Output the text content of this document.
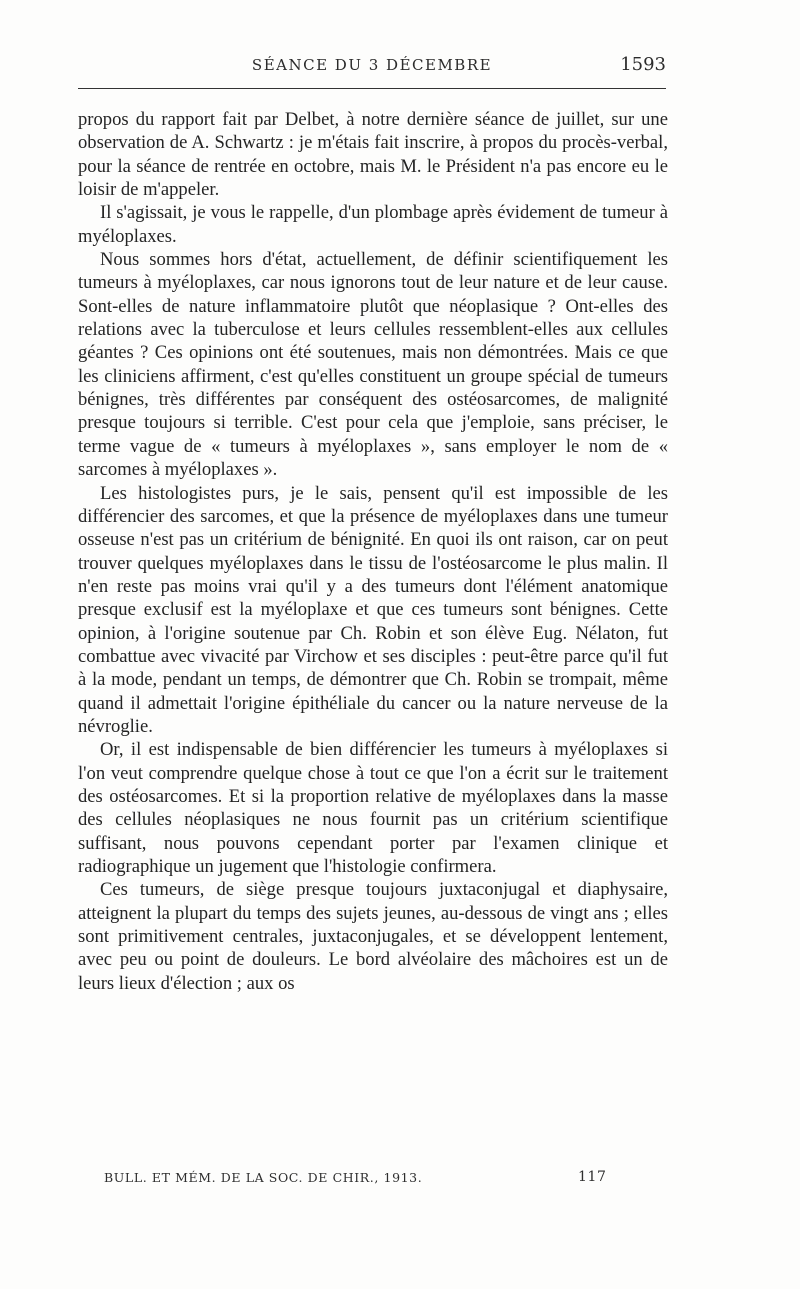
SÉANCE DU 3 DÉCEMBRE	1593

propos du rapport fait par Delbet, à notre dernière séance de juillet, sur une observation de A. Schwartz : je m'étais fait inscrire, à propos du procès-verbal, pour la séance de rentrée en octobre, mais M. le Président n'a pas encore eu le loisir de m'appeler.

Il s'agissait, je vous le rappelle, d'un plombage après évidement de tumeur à myéloplaxes.

Nous sommes hors d'état, actuellement, de définir scientifiquement les tumeurs à myéloplaxes, car nous ignorons tout de leur nature et de leur cause. Sont-elles de nature inflammatoire plutôt que néoplasique ? Ont-elles des relations avec la tuberculose et leurs cellules ressemblent-elles aux cellules géantes ? Ces opinions ont été soutenues, mais non démontrées. Mais ce que les cliniciens affirment, c'est qu'elles constituent un groupe spécial de tumeurs bénignes, très différentes par conséquent des ostéosarcomes, de malignité presque toujours si terrible. C'est pour cela que j'emploie, sans préciser, le terme vague de « tumeurs à myéloplaxes », sans employer le nom de « sarcomes à myéloplaxes ».

Les histologistes purs, je le sais, pensent qu'il est impossible de les différencier des sarcomes, et que la présence de myéloplaxes dans une tumeur osseuse n'est pas un critérium de bénignité. En quoi ils ont raison, car on peut trouver quelques myéloplaxes dans le tissu de l'ostéosarcome le plus malin. Il n'en reste pas moins vrai qu'il y a des tumeurs dont l'élément anatomique presque exclusif est la myéloplaxe et que ces tumeurs sont bénignes. Cette opinion, à l'origine soutenue par Ch. Robin et son élève Eug. Nélaton, fut combattue avec vivacité par Virchow et ses disciples : peut-être parce qu'il fut à la mode, pendant un temps, de démontrer que Ch. Robin se trompait, même quand il admettait l'origine épithéliale du cancer ou la nature nerveuse de la névroglie.

Or, il est indispensable de bien différencier les tumeurs à myéloplaxes si l'on veut comprendre quelque chose à tout ce que l'on a écrit sur le traitement des ostéosarcomes. Et si la proportion relative de myéloplaxes dans la masse des cellules néoplasiques ne nous fournit pas un critérium scientifique suffisant, nous pouvons cependant porter par l'examen clinique et radiographique un jugement que l'histologie confirmera.

Ces tumeurs, de siège presque toujours juxtaconjugal et diaphysaire, atteignent la plupart du temps des sujets jeunes, au-dessous de vingt ans ; elles sont primitivement centrales, juxtaconjugales, et se développent lentement, avec peu ou point de douleurs. Le bord alvéolaire des mâchoires est un de leurs lieux d'élection ; aux os

BULL. ET MÉM. DE LA SOC. DE CHIR., 1913.	117
